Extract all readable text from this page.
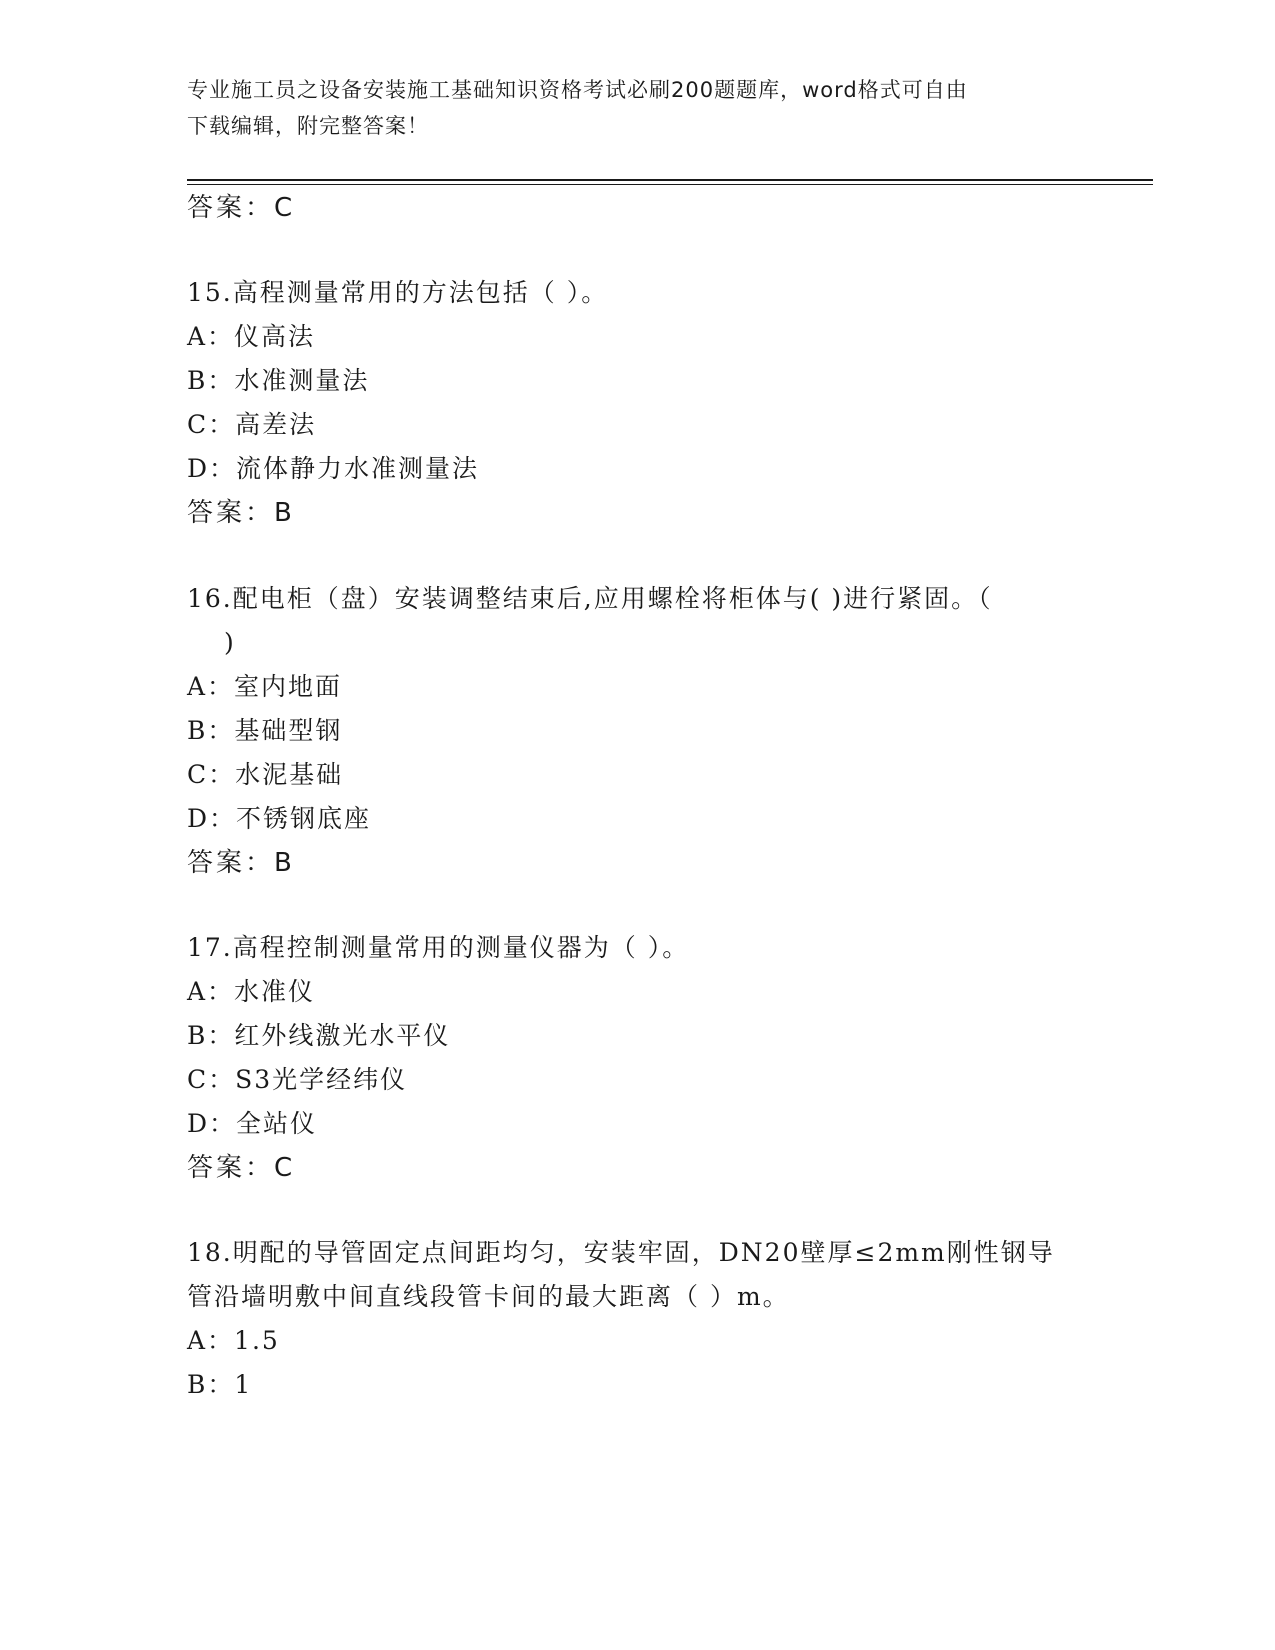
专业施工员之设备安装施工基础知识资格考试必刷200题题库，word格式可自由
下载编辑，附完整答案！
答案：C
15.高程测量常用的方法包括（ ）。
A：仪高法
B：水准测量法
C：高差法
D：流体静力水准测量法
答案：B
16.配电柜（盘）安装调整结束后,应用螺栓将柜体与( )进行紧固。（
)
A：室内地面
B：基础型钢
C：水泥基础
D：不锈钢底座
答案：B
17.高程控制测量常用的测量仪器为（ ）。
A：水准仪
B：红外线激光水平仪
C：S3光学经纬仪
D：全站仪
答案：C
18.明配的导管固定点间距均匀，安装牢固，DN20壁厚≤2mm刚性钢导
管沿墙明敷中间直线段管卡间的最大距离（ ）m。
A：1.5
B：1
